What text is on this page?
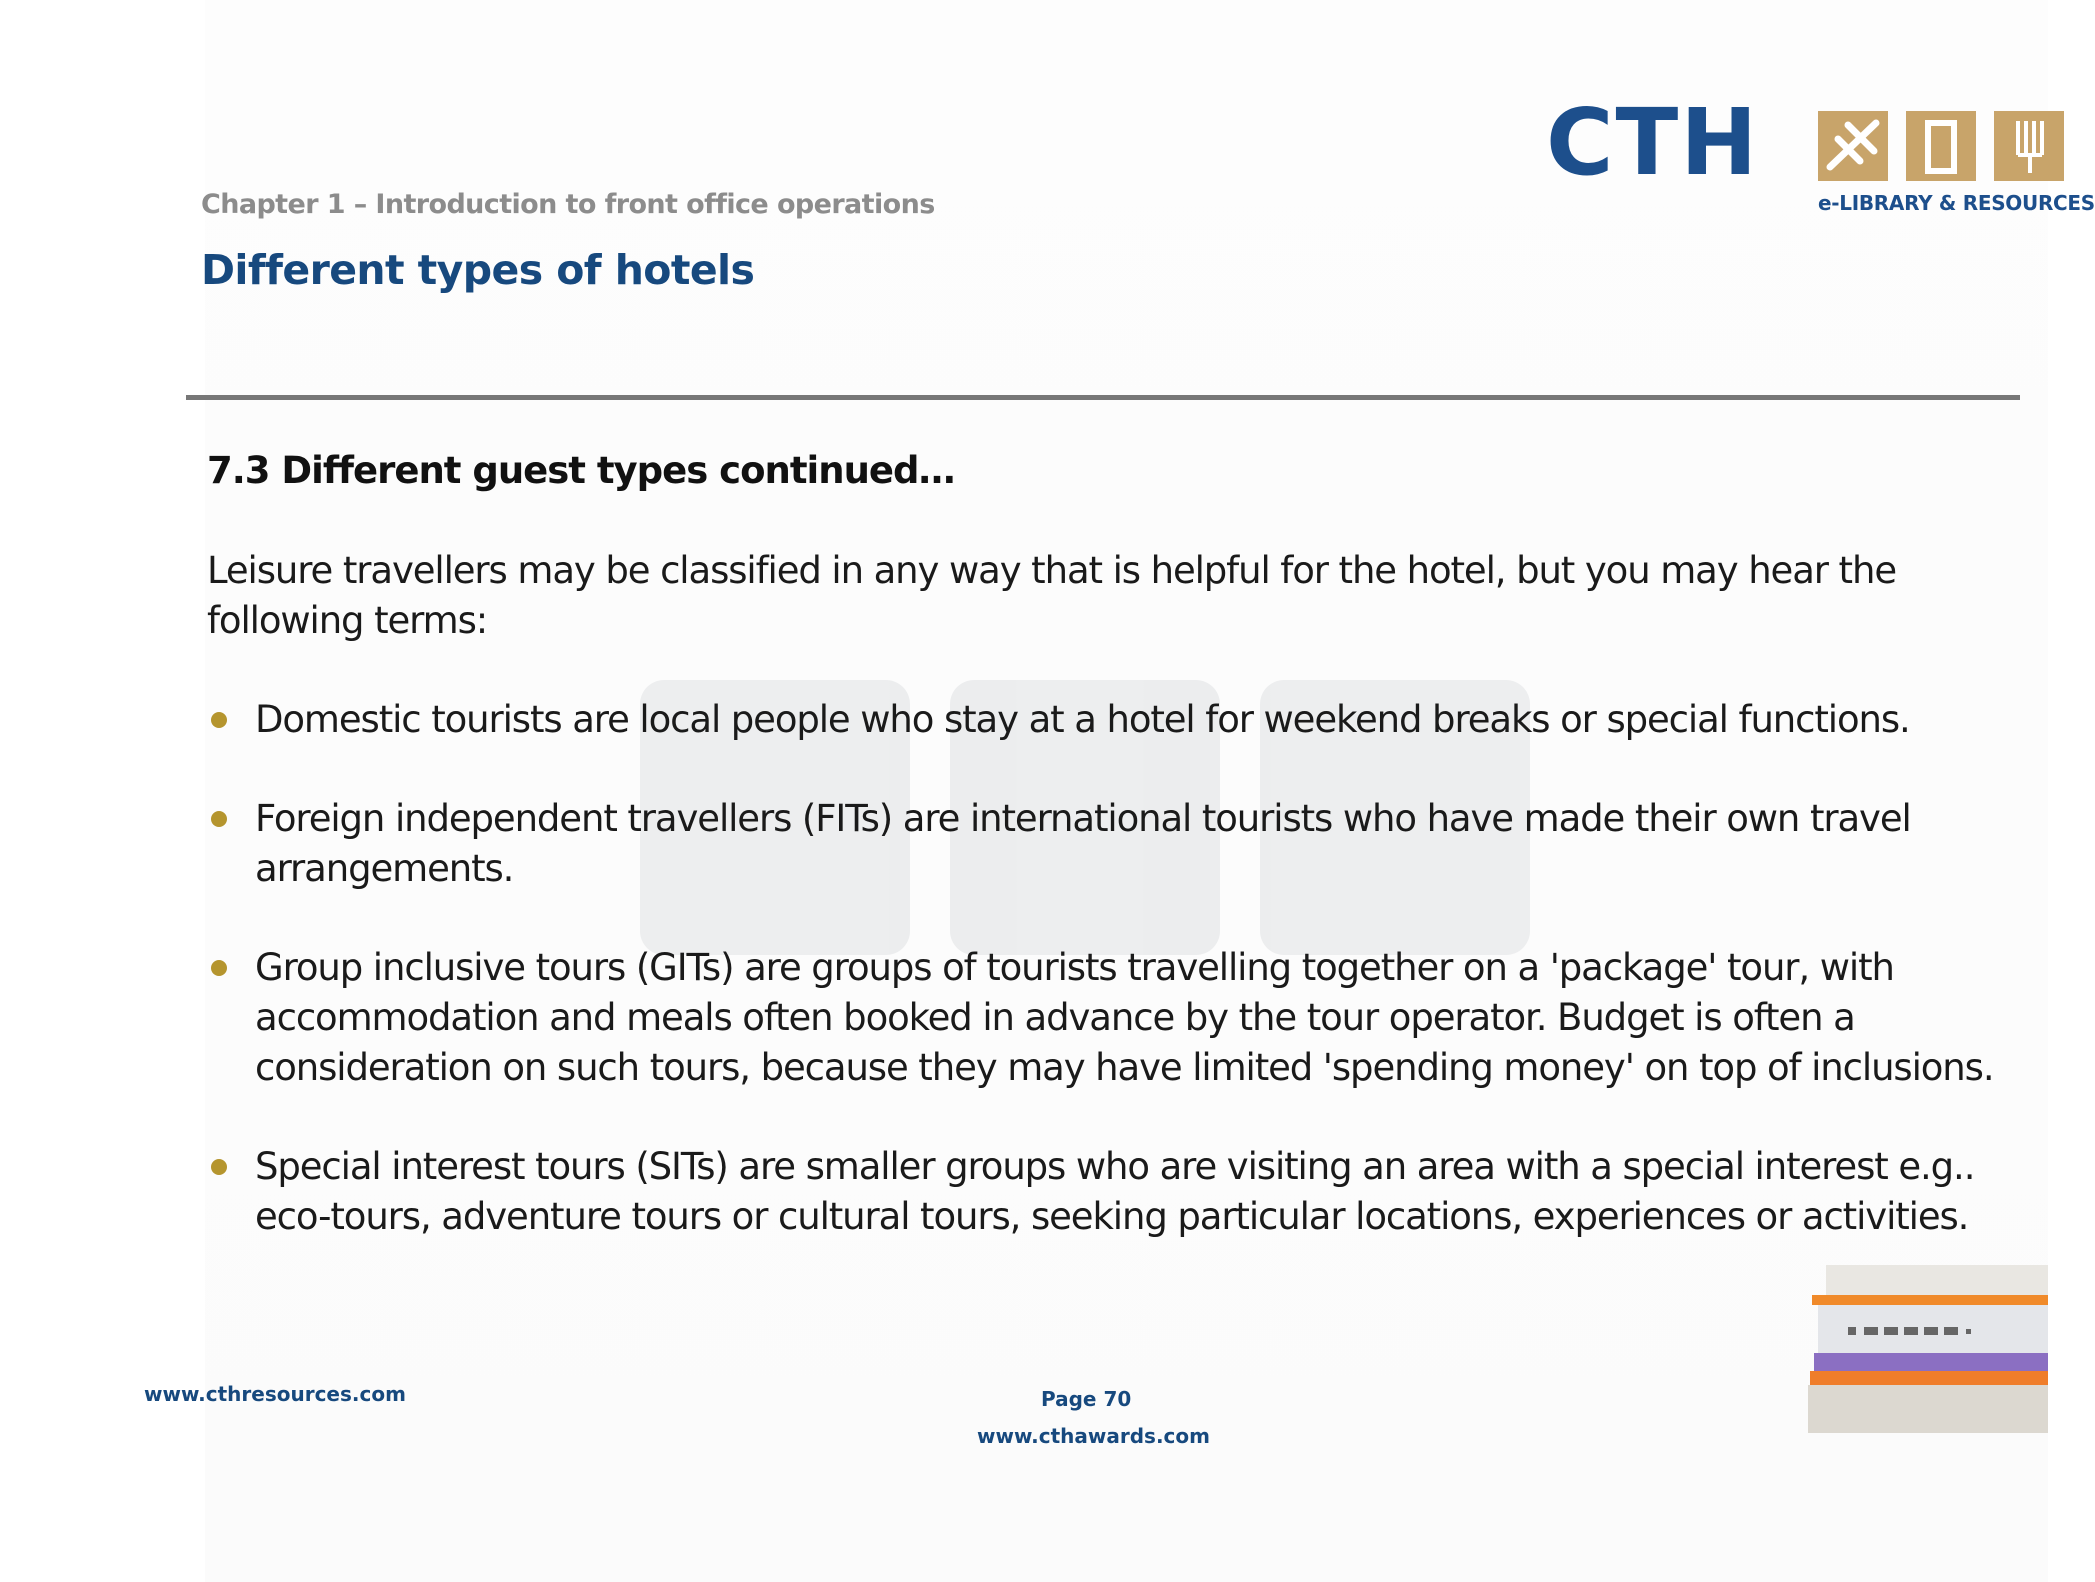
Chapter 1 – Introduction to front office operations
Different types of hotels
CTH
e-LIBRARY & RESOURCES
7.3 Different guest types continued…
Leisure travellers may be classified in any way that is helpful for the hotel, but you may hear the following terms:
Domestic tourists are local people who stay at a hotel for weekend breaks or special functions.
Foreign independent travellers (FITs) are international tourists who have made their own travel arrangements.
Group inclusive tours (GITs) are groups of tourists travelling together on a 'package' tour, with accommodation and meals often booked in advance by the tour operator. Budget is often a consideration on such tours, because they may have limited 'spending money' on top of inclusions.
Special interest tours (SITs) are smaller groups who are visiting an area with a special interest e.g.. eco-tours, adventure tours or cultural tours, seeking particular locations, experiences or activities.
www.cthresources.com	Page 70
www.cthawards.com
